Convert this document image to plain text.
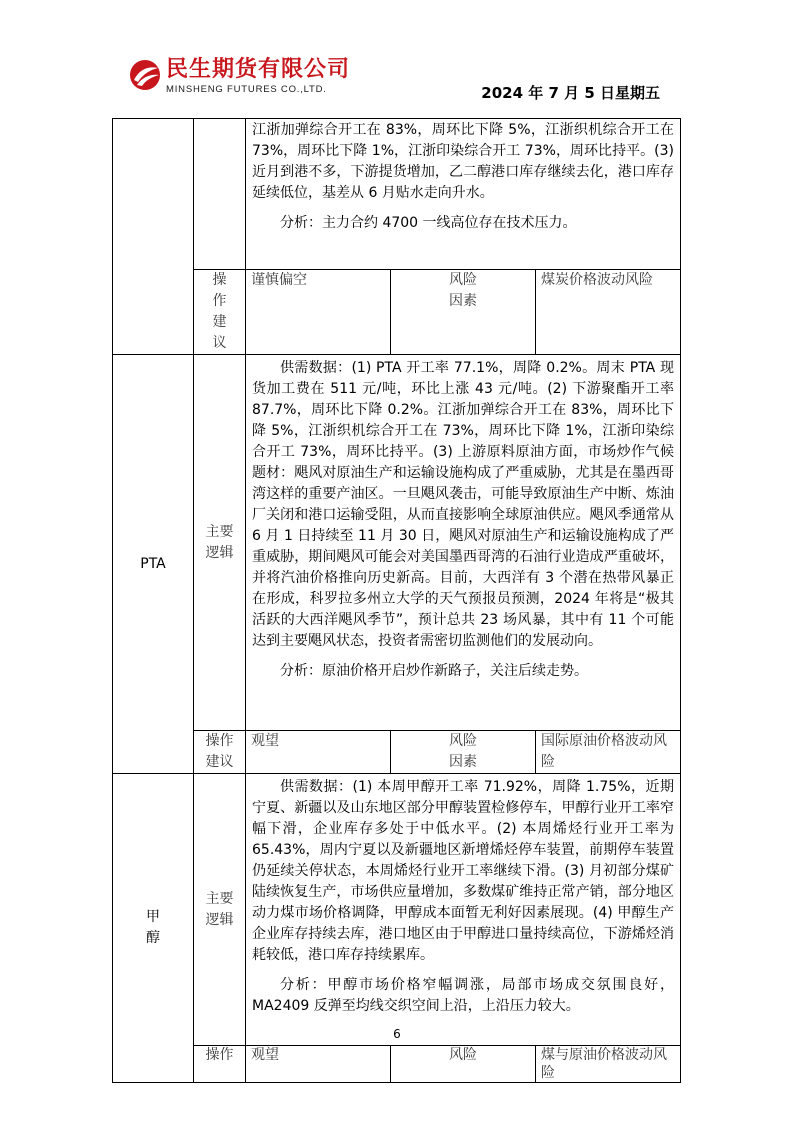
民生期货有限公司
MINSHENG FUTURES CO.,LTD.	2024 年 7 月 5 日星期五

		江浙加弹综合开工在 83%，周环比下降 5%，江浙织机综合开工在 73%，周环比下降 1%，江浙印染综合开工 73%，周环比持平。(3) 近月到港不多，下游提货增加，乙二醇港口库存继续去化，港口库存延续低位，基差从 6 月贴水走向升水。

分析：主力合约 4700 一线高位存在技术压力。		

	操作建议	谨慎偏空	风险因素	煤炭价格波动风险
PTA	主要逻辑	供需数据：(1) PTA 开工率 77.1%，周降 0.2%。周末 PTA 现货加工费在 511 元/吨，环比上涨 43 元/吨。(2) 下游聚酯开工率 87.7%，周环比下降 0.2%。江浙加弹综合开工在 83%，周环比下降 5%，江浙织机综合开工在 73%，周环比下降 1%，江浙印染综合开工 73%，周环比持平。(3) 上游原料原油方面，市场炒作气候题材：飓风对原油生产和运输设施构成了严重威胁，尤其是在墨西哥湾这样的重要产油区。一旦飓风袭击，可能导致原油生产中断、炼油厂关闭和港口运输受阻，从而直接影响全球原油供应。飓风季通常从 6 月 1 日持续至 11 月 30 日，飓风对原油生产和运输设施构成了严重威胁，期间飓风可能会对美国墨西哥湾的石油行业造成严重破坏，并将汽油价格推向历史新高。目前，大西洋有 3 个潜在热带风暴正在形成，科罗拉多州立大学的天气预报员预测，2024 年将是“极其活跃的大西洋飓风季节”，预计总共 23 场风暴，其中有 11 个可能达到主要飓风状态，投资者需密切监测他们的发展动向。

分析：原油价格开启炒作新路子，关注后续走势。		

	操作建议	观望	风险因素	国际原油价格波动风险
甲醇	主要逻辑	供需数据：(1) 本周甲醇开工率 71.92%，周降 1.75%，近期宁夏、新疆以及山东地区部分甲醇装置检修停车，甲醇行业开工率窄幅下滑，企业库存多处于中低水平。(2) 本周烯烃行业开工率为 65.43%，周内宁夏以及新疆地区新增烯烃停车装置，前期停车装置仍延续关停状态，本周烯烃行业开工率继续下滑。(3) 月初部分煤矿陆续恢复生产，市场供应量增加，多数煤矿维持正常产销，部分地区动力煤市场价格调降，甲醇成本面暂无利好因素展现。(4) 甲醇生产企业库存持续去库，港口地区由于甲醇进口量持续高位，下游烯烃消耗较低，港口库存持续累库。

分析：甲醇市场价格窄幅调涨，局部市场成交氛围良好，MA2409 反弹至均线交织空间上沿，上沿压力较大。		

	操作	观望	风险	煤与原油价格波动风险
6
